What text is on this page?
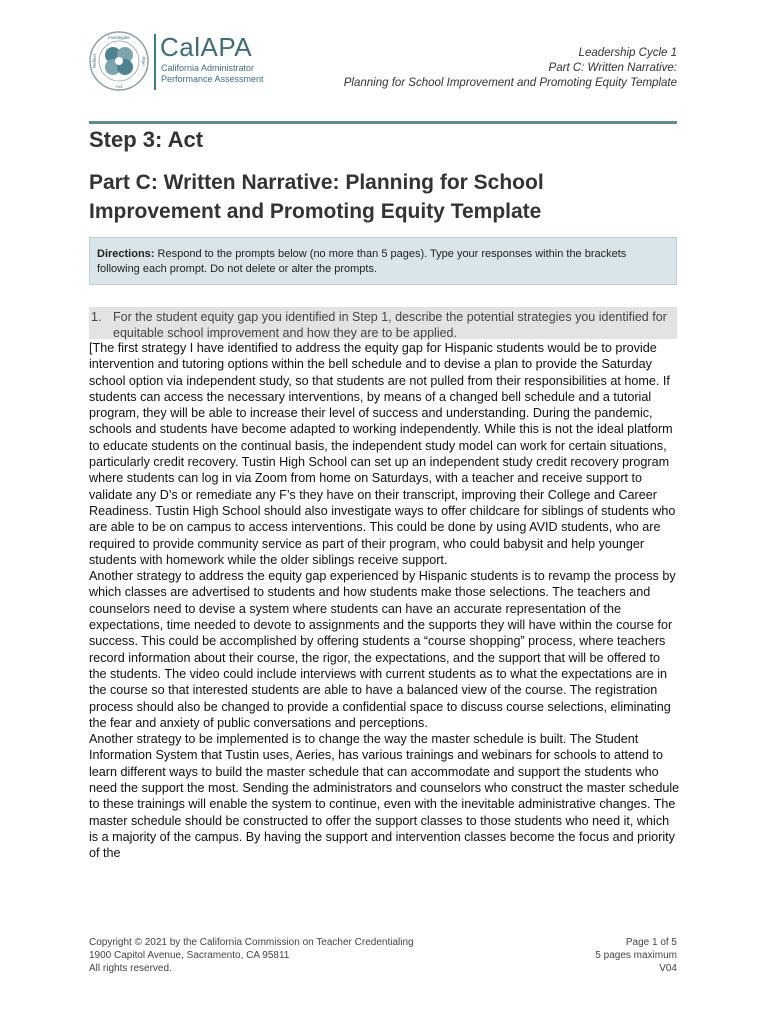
Investigate
Reflect	Plan
Act
CalAPA
California Administrator
Performance Assessment
Leadership Cycle 1
Part C: Written Narrative:
Planning for School Improvement and Promoting Equity Template
Step 3: Act
Part C: Written Narrative: Planning for School Improvement and Promoting Equity Template
Directions: Respond to the prompts below (no more than 5 pages). Type your responses within the brackets following each prompt. Do not delete or alter the prompts.
1. For the student equity gap you identified in Step 1, describe the potential strategies you identified for equitable school improvement and how they are to be applied.

[The first strategy I have identified to address the equity gap for Hispanic students would be to provide intervention and tutoring options within the bell schedule and to devise a plan to provide the Saturday school option via independent study, so that students are not pulled from their responsibilities at home. If students can access the necessary interventions, by means of a changed bell schedule and a tutorial program, they will be able to increase their level of success and understanding. During the pandemic, schools and students have become adapted to working independently. While this is not the ideal platform to educate students on the continual basis, the independent study model can work for certain situations, particularly credit recovery. Tustin High School can set up an independent study credit recovery program where students can log in via Zoom from home on Saturdays, with a teacher and receive support to validate any D’s or remediate any F’s they have on their transcript, improving their College and Career Readiness. Tustin High School should also investigate ways to offer childcare for siblings of students who are able to be on campus to access interventions. This could be done by using AVID students, who are required to provide community service as part of their program, who could babysit and help younger students with homework while the older siblings receive support.

Another strategy to address the equity gap experienced by Hispanic students is to revamp the process by which classes are advertised to students and how students make those selections. The teachers and counselors need to devise a system where students can have an accurate representation of the expectations, time needed to devote to assignments and the supports they will have within the course for success. This could be accomplished by offering students a “course shopping” process, where teachers record information about their course, the rigor, the expectations, and the support that will be offered to the students. The video could include interviews with current students as to what the expectations are in the course so that interested students are able to have a balanced view of the course. The registration process should also be changed to provide a confidential space to discuss course selections, eliminating the fear and anxiety of public conversations and perceptions.

Another strategy to be implemented is to change the way the master schedule is built. The Student Information System that Tustin uses, Aeries, has various trainings and webinars for schools to attend to learn different ways to build the master schedule that can accommodate and support the students who need the support the most. Sending the administrators and counselors who construct the master schedule to these trainings will enable the system to continue, even with the inevitable administrative changes. The master schedule should be constructed to offer the support classes to those students who need it, which is a majority of the campus. By having the support and intervention classes become the focus and priority of the

Copyright © 2021 by the California Commission on Teacher Credentialing
1900 Capitol Avenue, Sacramento, CA 95811
All rights reserved.
Page 1 of 5
5 pages maximum
V04
